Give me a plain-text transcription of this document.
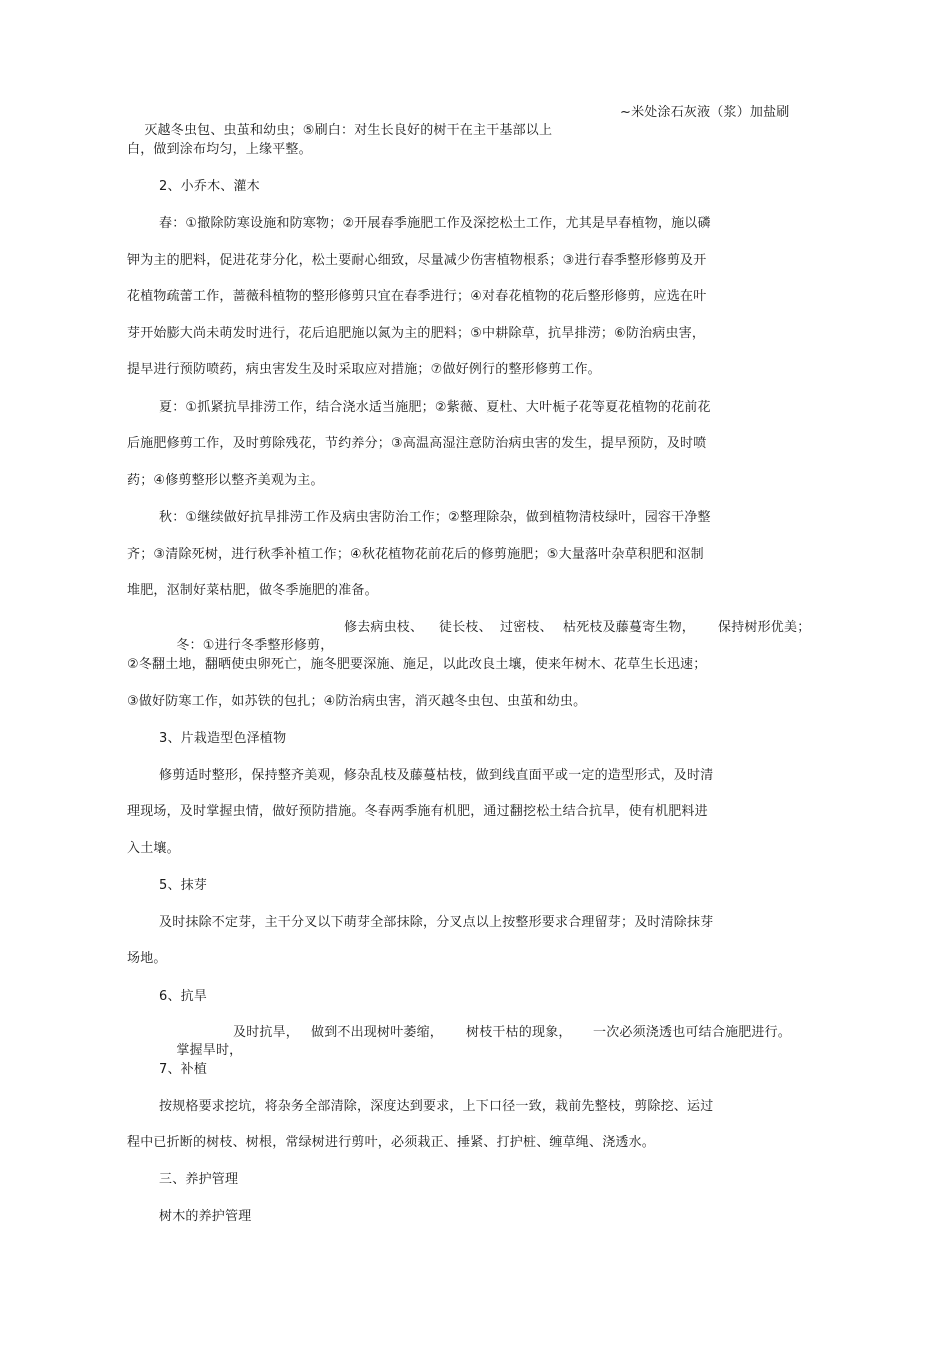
灭越冬虫包、虫茧和幼虫；⑤刷白：对生长良好的树干在主干基部以上
~米处涂石灰液（浆）加盐刷

白，做到涂布均匀，上缘平整。
2、小乔木、灌木
春：①撤除防寒设施和防寒物；②开展春季施肥工作及深挖松土工作，尤其是早春植物，施以磷
钾为主的肥料，促进花芽分化，松土要耐心细致，尽量减少伤害植物根系；③进行春季整形修剪及开
花植物疏蕾工作，蔷薇科植物的整形修剪只宜在春季进行；④对春花植物的花后整形修剪，应选在叶
芽开始膨大尚未萌发时进行，花后追肥施以氮为主的肥料；⑤中耕除草，抗旱排涝；⑥防治病虫害，
提早进行预防喷药，病虫害发生及时采取应对措施；⑦做好例行的整形修剪工作。
夏：①抓紧抗旱排涝工作，结合浇水适当施肥；②紫薇、夏杜、大叶栀子花等夏花植物的花前花
后施肥修剪工作，及时剪除残花，节约养分；③高温高湿注意防治病虫害的发生，提早预防，及时喷
药；④修剪整形以整齐美观为主。
秋：①继续做好抗旱排涝工作及病虫害防治工作；②整理除杂，做到植物清枝绿叶，园容干净整
齐；③清除死树，进行秋季补植工作；④秋花植物花前花后的修剪施肥；⑤大量落叶杂草积肥和沤制
堆肥，沤制好菜枯肥，做冬季施肥的准备。

冬：①进行冬季整形修剪，
修去病虫枝、 徒长枝、 过密枝、 枯死枝及藤蔓寄生物， 保持树形优美；

②冬翻土地，翻晒使虫卵死亡，施冬肥要深施、施足，以此改良土壤，使来年树木、花草生长迅速；
③做好防寒工作，如苏铁的包扎；④防治病虫害，消灭越冬虫包、虫茧和幼虫。
3、片栽造型色泽植物
修剪适时整形，保持整齐美观，修杂乱枝及藤蔓枯枝，做到线直面平或一定的造型形式，及时清
理现场，及时掌握虫情，做好预防措施。冬春两季施有机肥，通过翻挖松土结合抗旱，使有机肥料进
入土壤。
5、抹芽
及时抹除不定芽，主干分叉以下萌芽全部抹除，分叉点以上按整形要求合理留芽；及时清除抹芽
场地。
6、抗旱

掌握旱时，
及时抗旱， 做到不出现树叶萎缩， 树枝干枯的现象， 一次必须浇透也可结合施肥进行。

7、补植
按规格要求挖坑，将杂务全部清除，深度达到要求，上下口径一致，栽前先整枝，剪除挖、运过
程中已折断的树枝、树根，常绿树进行剪叶，必须栽正、捶紧、打护桩、缠草绳、浇透水。
三、养护管理
树木的养护管理
